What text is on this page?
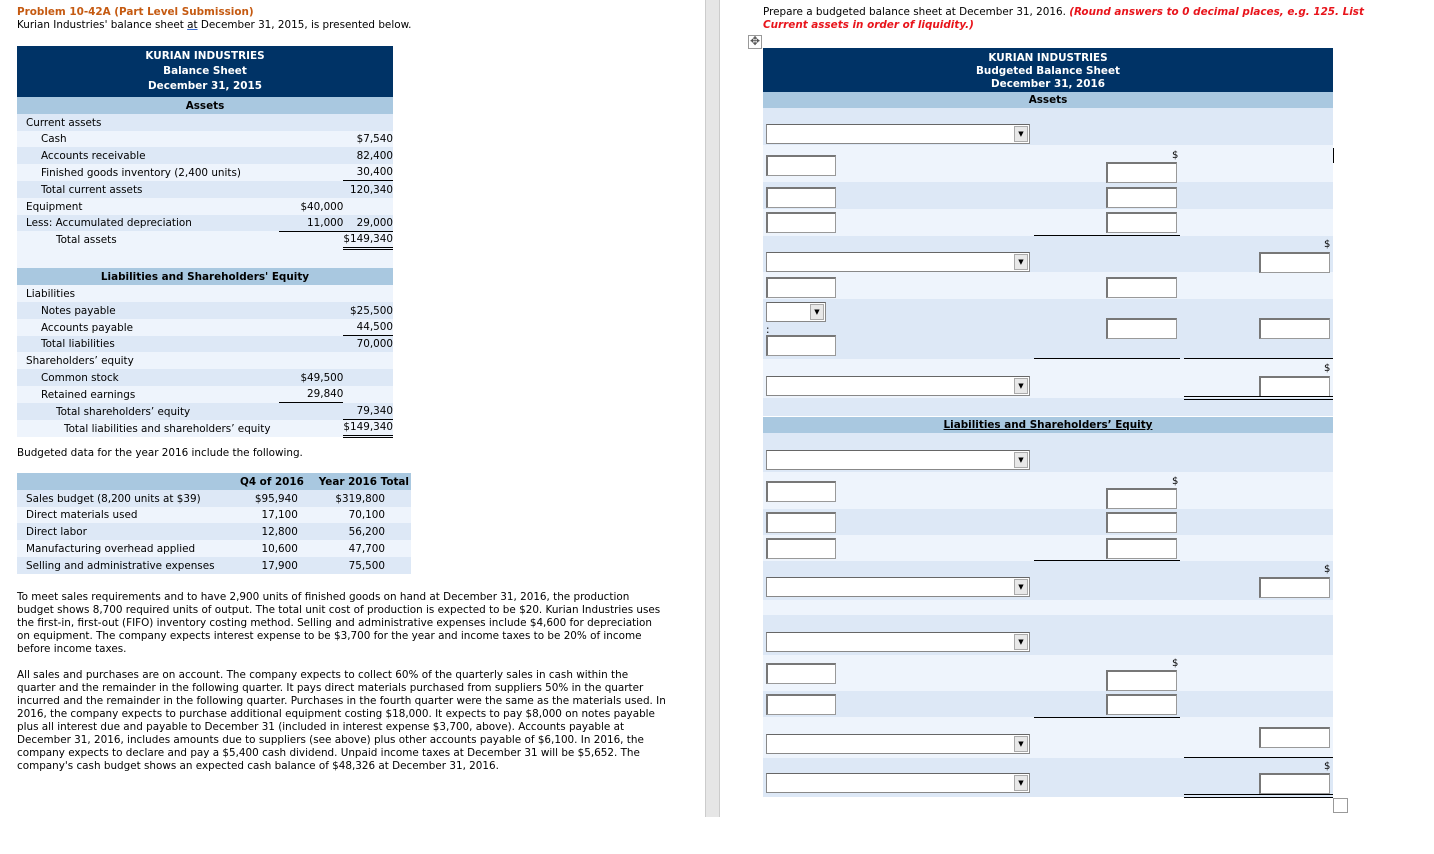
Problem 10-42A (Part Level Submission)
Kurian Industries' balance sheet at December 31, 2015, is presented below.
KURIAN INDUSTRIES
Balance Sheet
December 31, 2015		

Assets		
Current assets		
Cash		$7,540
Accounts receivable		82,400
Finished goods inventory (2,400 units)		30,400
Total current assets		120,340
Equipment	$40,000	
Less: Accumulated depreciation	11,000	29,000
Total assets		$149,340

Liabilities and Shareholders' Equity		
Liabilities		
Notes payable		$25,500
Accounts payable		44,500
Total liabilities		70,000
Shareholders’ equity		
Common stock	$49,500	
Retained earnings	29,840	
Total shareholders’ equity		79,340
Total liabilities and shareholders’ equity		$149,340
	Q4 of 2016	Year 2016 Total
Sales budget (8,200 units at $39)	$95,940	$319,800
Direct materials used	17,100	70,100
Direct labor	12,800	56,200
Manufacturing overhead applied	10,600	47,700
Selling and administrative expenses	17,900	75,500
Budgeted data for the year 2016 include the following.
To meet sales requirements and to have 2,900 units of finished goods on hand at December 31, 2016, the production budget shows 8,700 required units of output. The total unit cost of production is expected to be $20. Kurian Industries uses the first-in, first-out (FIFO) inventory costing method. Selling and administrative expenses include $4,600 for depreciation on equipment. The company expects interest expense to be $3,700 for the year and income taxes to be 20% of income before income taxes.
All sales and purchases are on account. The company expects to collect 60% of the quarterly sales in cash within the quarter and the remainder in the following quarter. It pays direct materials purchased from suppliers 50% in the quarter incurred and the remainder in the following quarter. Purchases in the fourth quarter were the same as the materials used. In 2016, the company expects to purchase additional equipment costing $18,000. It expects to pay $8,000 on notes payable plus all interest due and payable to December 31 (included in interest expense $3,700, above). Accounts payable at December 31, 2016, includes amounts due to suppliers (see above) plus other accounts payable of $6,100. In 2016, the company expects to declare and pay a $5,400 cash dividend. Unpaid income taxes at December 31 will be $5,652. The company's cash budget shows an expected cash balance of $48,326 at December 31, 2016.
Prepare a budgeted balance sheet at December 31, 2016. (Round answers to 0 decimal places, e.g. 125. List Current assets in order of liquidity.)
✥
KURIAN INDUSTRIES
Budgeted Balance Sheet
December 31, 2016
Assets
Liabilities and Shareholders’ Equity
▼
▼
▼
▼
▼
▼
▼
▼
▼
$
$
$
$
$
$
$
:
